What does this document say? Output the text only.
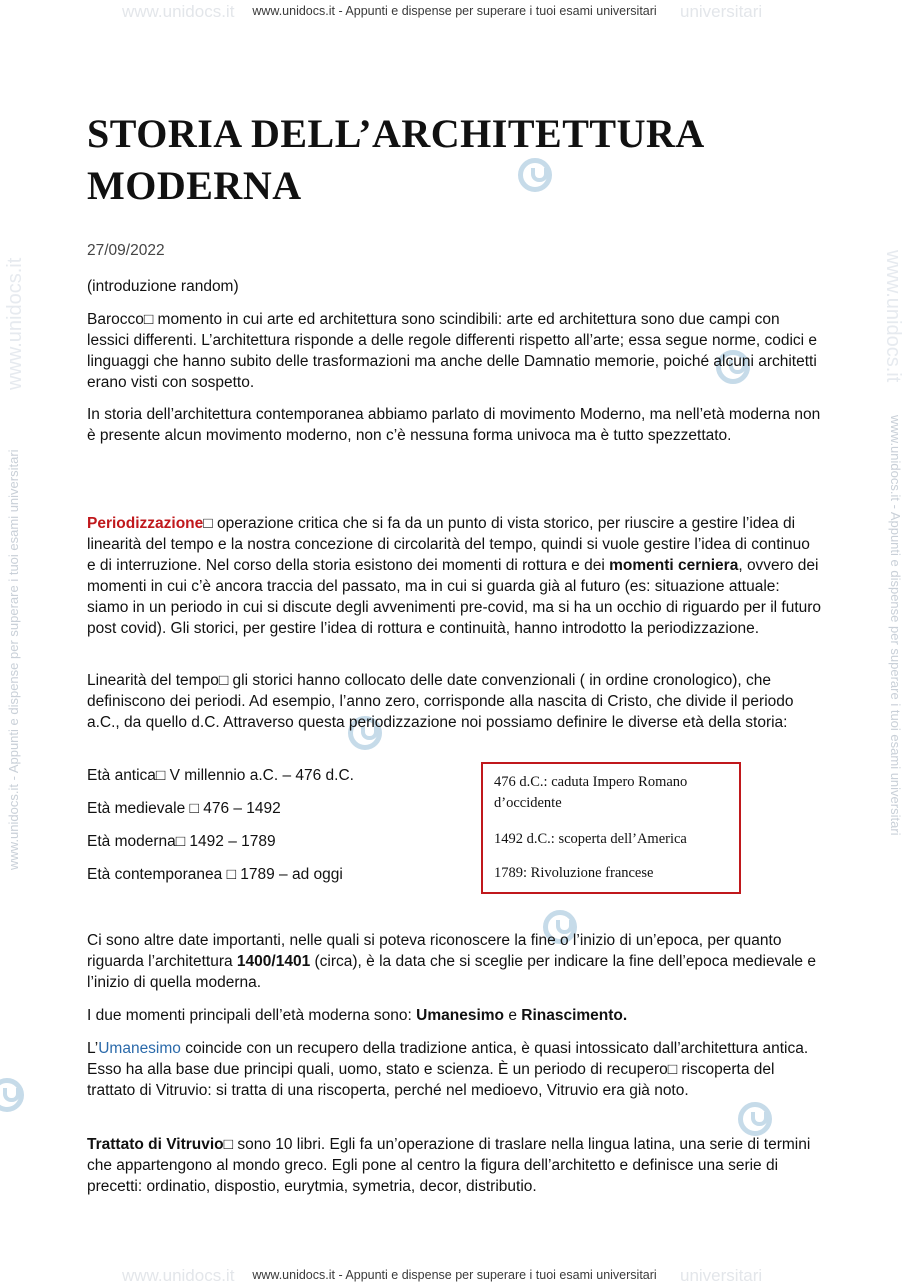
www.unidocs.it	universitari
www.unidocs.it	universitari
www.unidocs.it - Appunti e dispense per superare i tuoi esami universitari
www.unidocs.it - Appunti e dispense per superare i tuoi esami universitari
www.unidocs.it - Appunti e dispense per superare i tuoi esami universitari	www.unidocs.it - Appunti e dispense per superare i tuoi esami universitari
www.unidocs.it	www.unidocs.it
STORIA DELL’ARCHITETTURA
MODERNA
27/09/2022

(introduzione random)

Barocco□ momento in cui arte ed architettura sono scindibili: arte ed architettura sono due campi con lessici differenti. L’architettura risponde a delle regole differenti rispetto all’arte; essa segue norme, codici e linguaggi che hanno subito delle trasformazioni ma anche delle Damnatio memorie, poiché alcuni architetti erano visti con sospetto.

In storia dell’architettura contemporanea abbiamo parlato di movimento Moderno, ma nell’età moderna non è presente alcun movimento moderno, non c’è nessuna forma univoca ma è tutto spezzettato.

Periodizzazione□ operazione critica che si fa da un punto di vista storico, per riuscire a gestire l’idea di linearità del tempo e la nostra concezione di circolarità del tempo, quindi si vuole gestire l’idea di continuo e di interruzione. Nel corso della storia esistono dei momenti di rottura e dei momenti cerniera, ovvero dei momenti in cui c’è ancora traccia del passato, ma in cui si guarda già al futuro (es: situazione attuale: siamo in un periodo in cui si discute degli avvenimenti pre-covid, ma si ha un occhio di riguardo per il futuro post covid). Gli storici, per gestire l’idea di rottura e continuità, hanno introdotto la periodizzazione.

Linearità del tempo□ gli storici hanno collocato delle date convenzionali ( in ordine cronologico), che definiscono dei periodi. Ad esempio, l’anno zero, corrisponde alla nascita di Cristo, che divide il periodo a.C., da quello d.C. Attraverso questa periodizzazione noi possiamo definire le diverse età della storia:

Età antica□ V millennio a.C. – 476 d.C.
Età medievale □ 476 – 1492
Età moderna□ 1492 – 1789
Età contemporanea □ 1789 – ad oggi
476 d.C.: caduta Impero Romano d’occidente
1492 d.C.: scoperta dell’America
1789: Rivoluzione francese

Ci sono altre date importanti, nelle quali si poteva riconoscere la fine o l’inizio di un’epoca, per quanto riguarda l’architettura 1400/1401 (circa), è la data che si sceglie per indicare la fine dell’epoca medievale e l’inizio di quella moderna.

I due momenti principali dell’età moderna sono: Umanesimo e Rinascimento.

L’Umanesimo coincide con un recupero della tradizione antica, è quasi intossicato dall’architettura antica. Esso ha alla base due principi quali, uomo, stato e scienza. È un periodo di recupero□ riscoperta del trattato di Vitruvio: si tratta di una riscoperta, perché nel medioevo, Vitruvio era già noto.

Trattato di Vitruvio□ sono 10 libri. Egli fa un’operazione di traslare nella lingua latina, una serie di termini che appartengono al mondo greco. Egli pone al centro la figura dell’architetto e definisce una serie di precetti: ordinatio, dispostio, eurytmia, symetria, decor, distributio.
